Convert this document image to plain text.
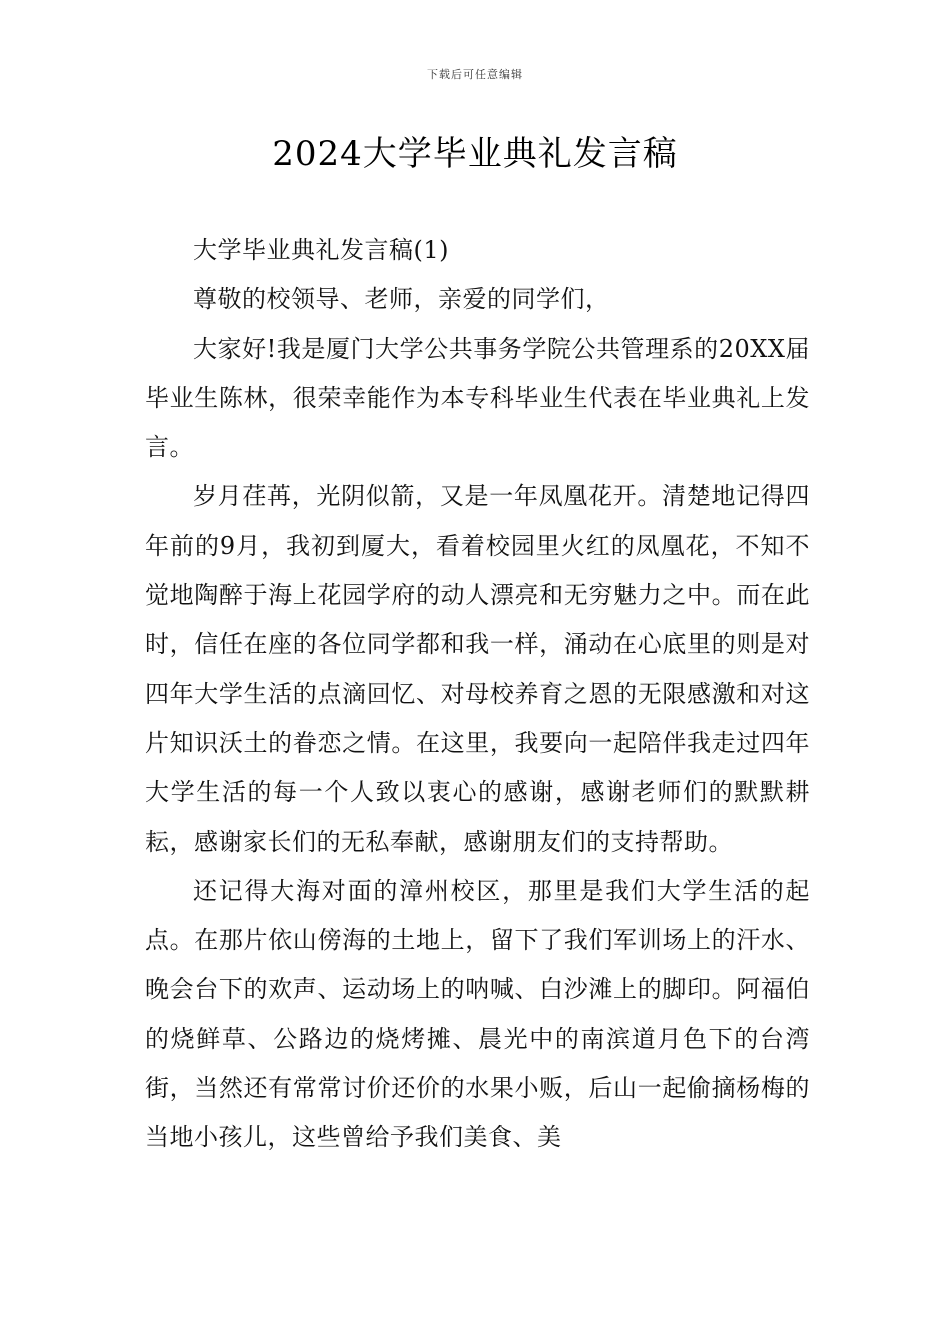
下载后可任意编辑
2024大学毕业典礼发言稿

大学毕业典礼发言稿(1)

尊敬的校领导、老师，亲爱的同学们，

大家好!我是厦门大学公共事务学院公共管理系的20XX届毕业生陈林，很荣幸能作为本专科毕业生代表在毕业典礼上发言。

岁月荏苒，光阴似箭，又是一年凤凰花开。清楚地记得四年前的9月，我初到厦大，看着校园里火红的凤凰花，不知不觉地陶醉于海上花园学府的动人漂亮和无穷魅力之中。而在此时，信任在座的各位同学都和我一样，涌动在心底里的则是对四年大学生活的点滴回忆、对母校养育之恩的无限感激和对这片知识沃土的眷恋之情。在这里，我要向一起陪伴我走过四年大学生活的每一个人致以衷心的感谢，感谢老师们的默默耕耘，感谢家长们的无私奉献，感谢朋友们的支持帮助。

还记得大海对面的漳州校区，那里是我们大学生活的起点。在那片依山傍海的土地上，留下了我们军训场上的汗水、晚会台下的欢声、运动场上的呐喊、白沙滩上的脚印。阿福伯的烧鲜草、公路边的烧烤摊、晨光中的南滨道月色下的台湾街，当然还有常常讨价还价的水果小贩，后山一起偷摘杨梅的当地小孩儿，这些曾给予我们美食、美
